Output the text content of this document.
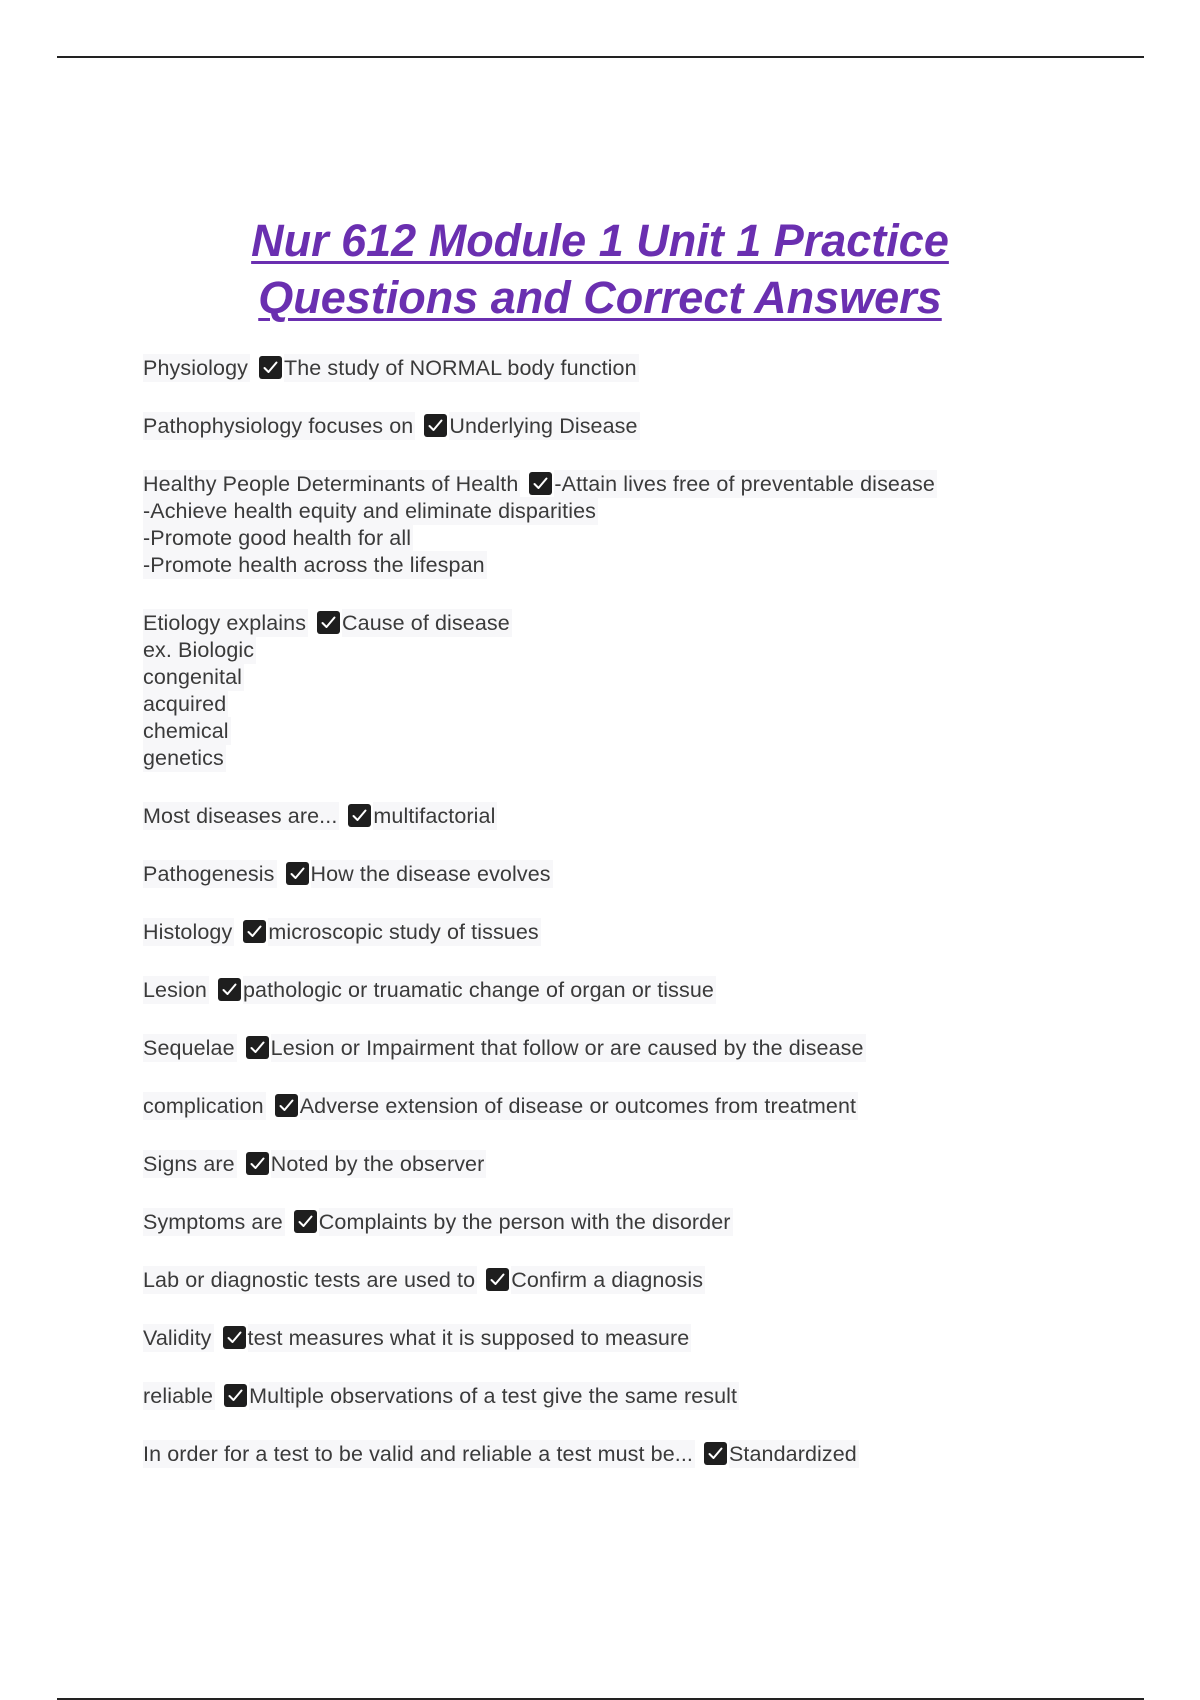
Nur 612 Module 1 Unit 1 Practice
Questions and Correct Answers
Physiology The study of NORMAL body function
Pathophysiology focuses on Underlying Disease
Healthy People Determinants of Health -Attain lives free of preventable disease
-Achieve health equity and eliminate disparities
-Promote good health for all
-Promote health across the lifespan
Etiology explains Cause of disease
ex. Biologic
congenital
acquired
chemical
genetics
Most diseases are... multifactorial
Pathogenesis How the disease evolves
Histology microscopic study of tissues
Lesion pathologic or truamatic change of organ or tissue
Sequelae Lesion or Impairment that follow or are caused by the disease
complication Adverse extension of disease or outcomes from treatment
Signs are Noted by the observer
Symptoms are Complaints by the person with the disorder
Lab or diagnostic tests are used to Confirm a diagnosis
Validity test measures what it is supposed to measure
reliable Multiple observations of a test give the same result
In order for a test to be valid and reliable a test must be... Standardized
